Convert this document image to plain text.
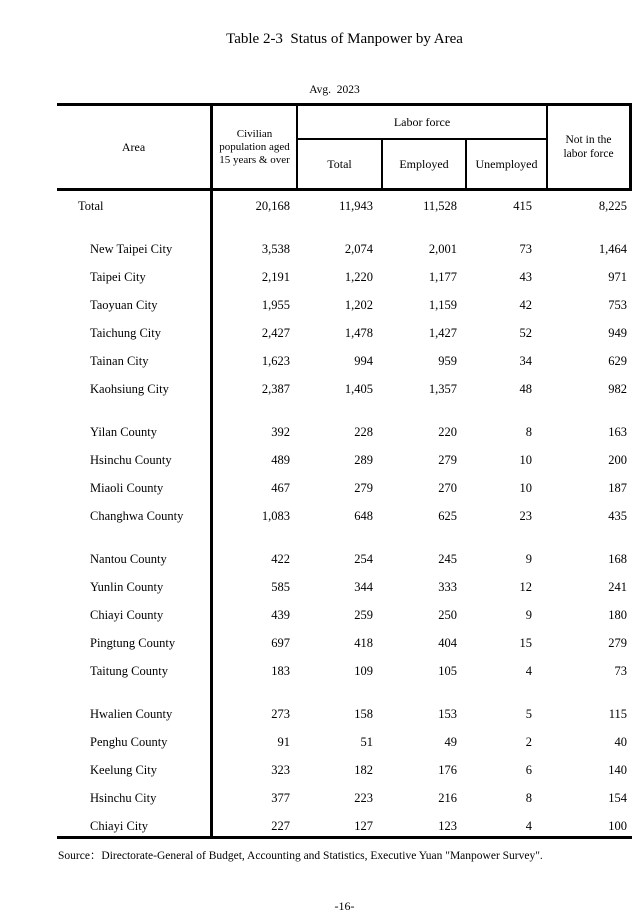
Table 2-3  Status of Manpower by Area
Avg.  2023
Area
Civilian
population aged
15 years & over
Labor force
Total	Employed	Unemployed
Not in the
labor force
Total	20,168	11,943	11,528	415	8,225
New Taipei City	3,538	2,074	2,001	73	1,464
Taipei City	2,191	1,220	1,177	43	971
Taoyuan City	1,955	1,202	1,159	42	753
Taichung City	2,427	1,478	1,427	52	949
Tainan City	1,623	994	959	34	629
Kaohsiung City	2,387	1,405	1,357	48	982
Yilan County	392	228	220	8	163
Hsinchu County	489	289	279	10	200
Miaoli County	467	279	270	10	187
Changhwa County	1,083	648	625	23	435
Nantou County	422	254	245	9	168
Yunlin County	585	344	333	12	241
Chiayi County	439	259	250	9	180
Pingtung County	697	418	404	15	279
Taitung County	183	109	105	4	73
Hwalien County	273	158	153	5	115
Penghu County	91	51	49	2	40
Keelung City	323	182	176	6	140
Hsinchu City	377	223	216	8	154
Chiayi City	227	127	123	4	100
Source：Directorate-General of Budget, Accounting and Statistics, Executive Yuan "Manpower Survey".
-16-
